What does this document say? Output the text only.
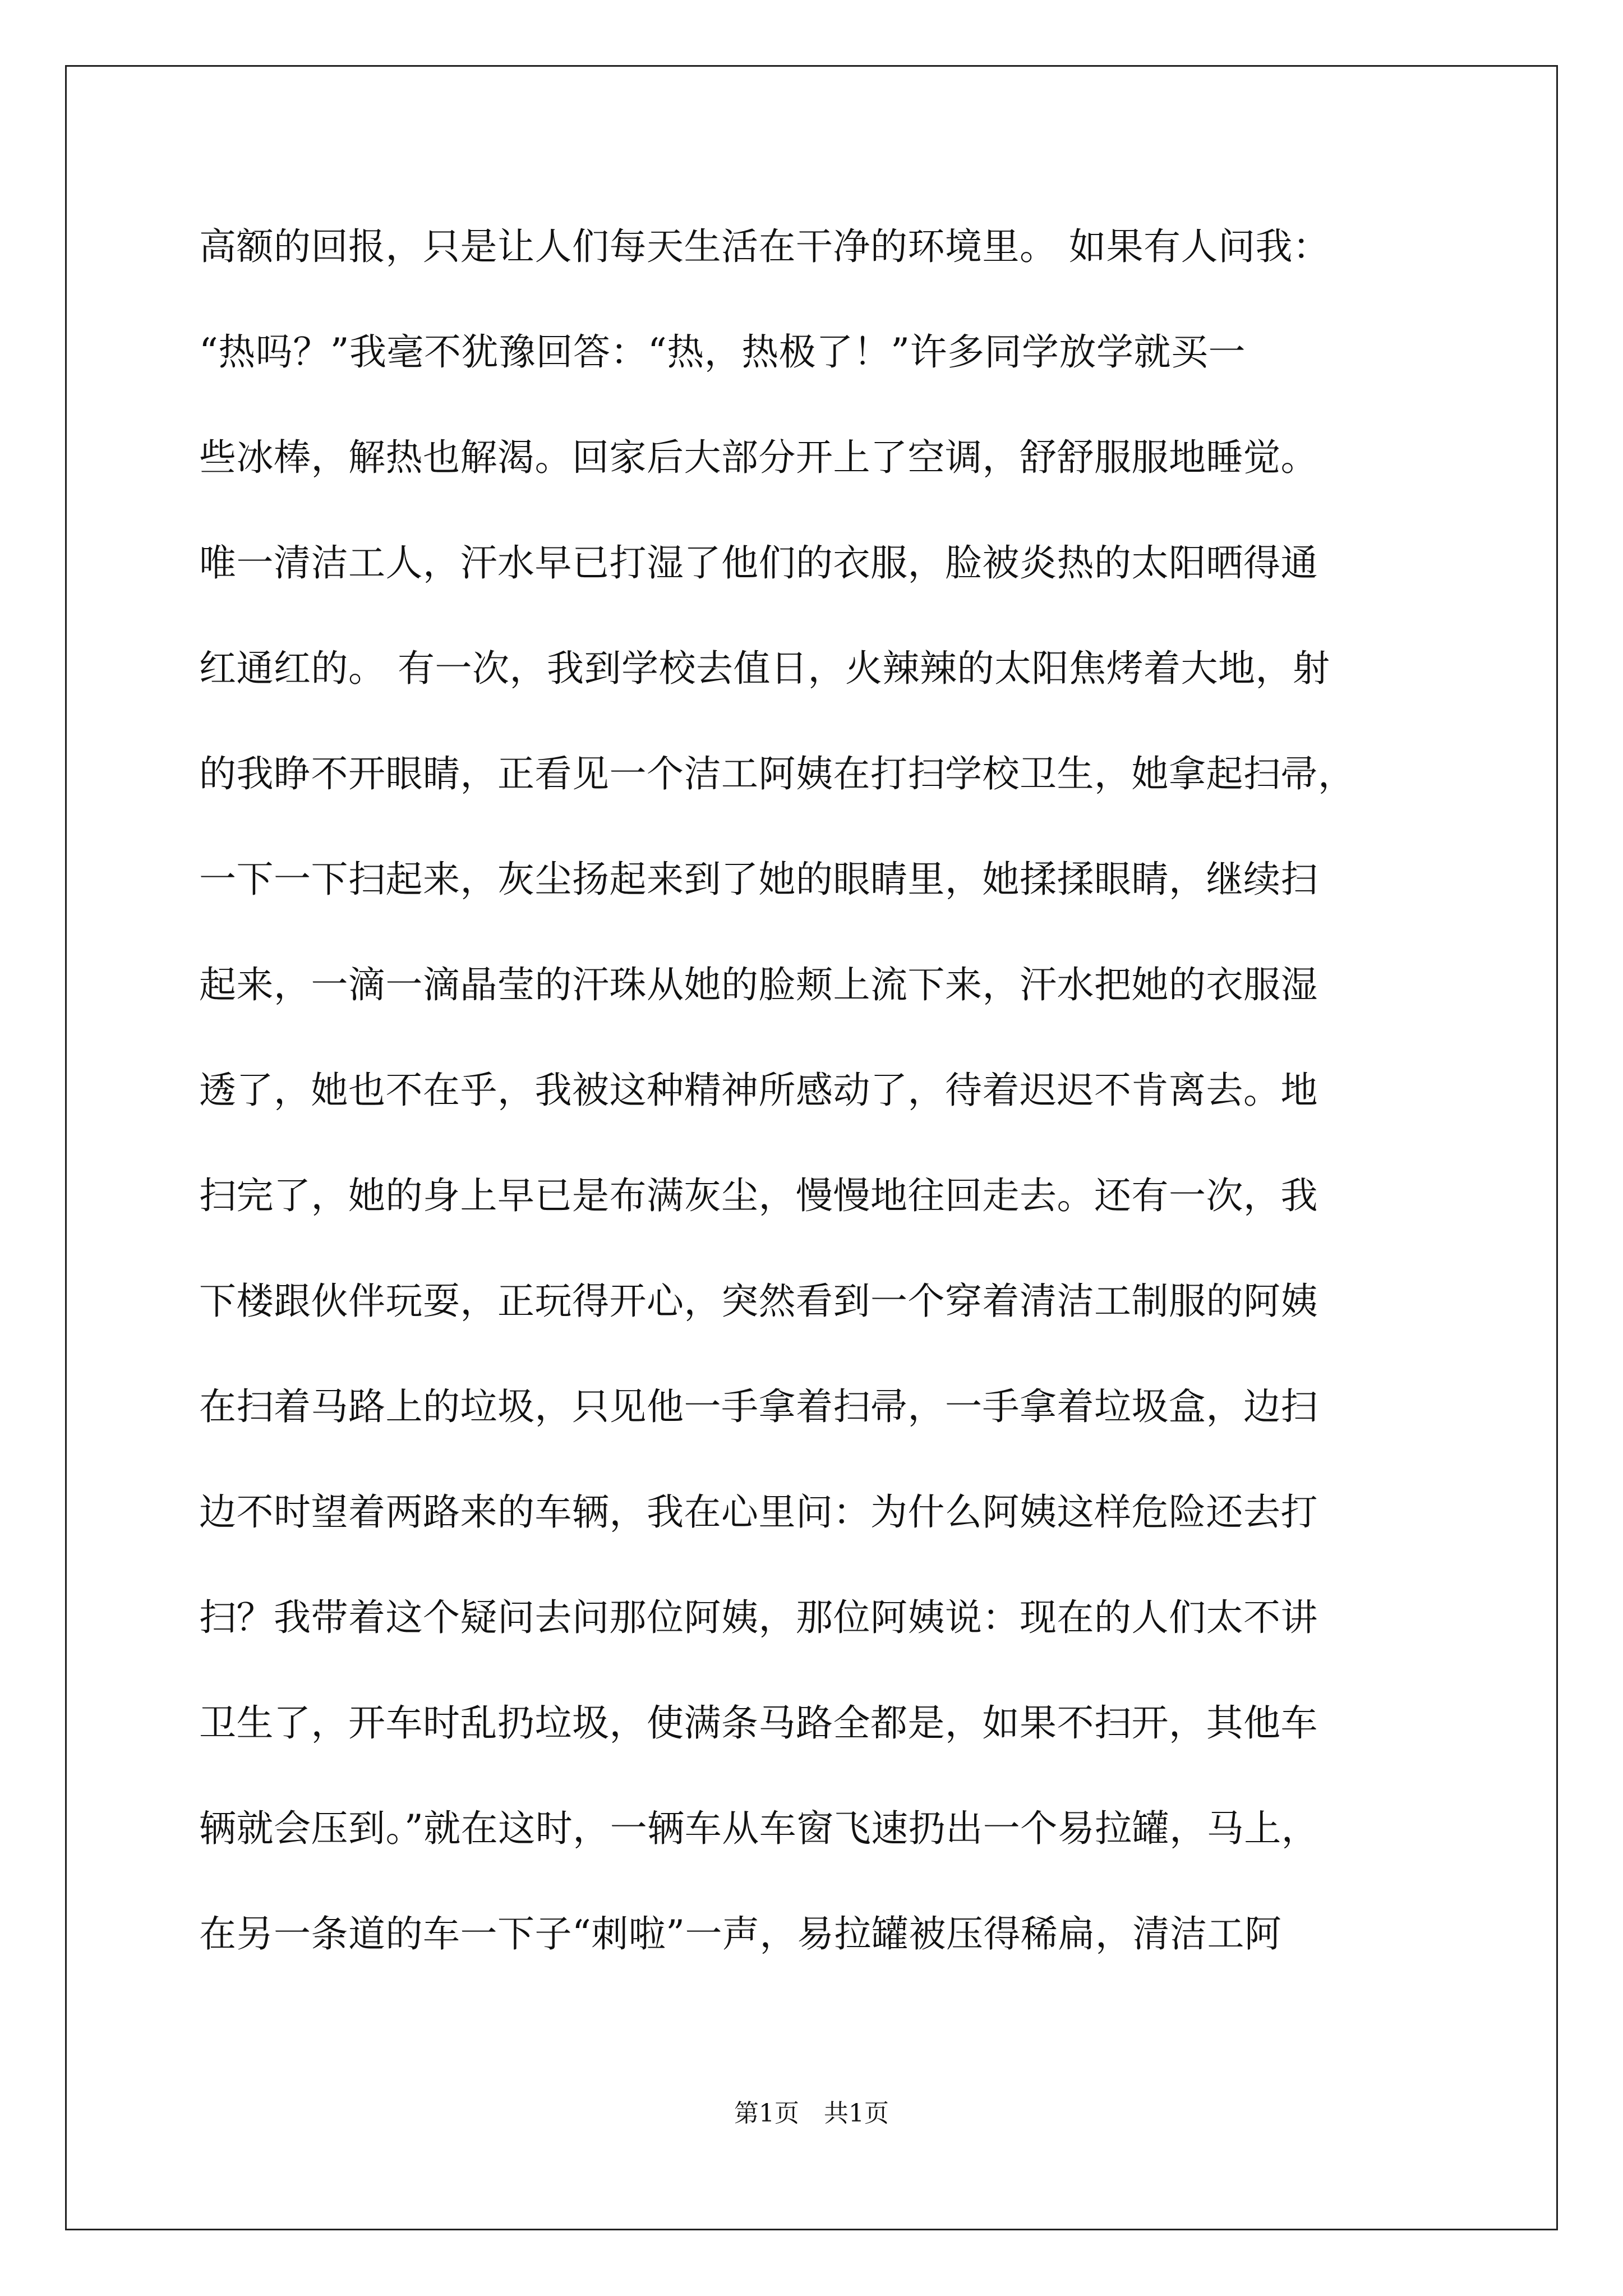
高额的回报，只是让人们每天生活在干净的环境里。 如果有人问我：
“热吗？”我毫不犹豫回答：“热，热极了！”许多同学放学就买一
些冰棒，解热也解渴。回家后大部分开上了空调，舒舒服服地睡觉。
唯一清洁工人，汗水早已打湿了他们的衣服，脸被炎热的太阳晒得通
红通红的。 有一次，我到学校去值日，火辣辣的太阳焦烤着大地，射
的我睁不开眼睛，正看见一个洁工阿姨在打扫学校卫生，她拿起扫帚，
一下一下扫起来，灰尘扬起来到了她的眼睛里，她揉揉眼睛，继续扫
起来，一滴一滴晶莹的汗珠从她的脸颊上流下来，汗水把她的衣服湿
透了，她也不在乎，我被这种精神所感动了，待着迟迟不肯离去。地
扫完了，她的身上早已是布满灰尘，慢慢地往回走去。还有一次，我
下楼跟伙伴玩耍，正玩得开心，突然看到一个穿着清洁工制服的阿姨
在扫着马路上的垃圾，只见他一手拿着扫帚，一手拿着垃圾盒，边扫
边不时望着两路来的车辆，我在心里问：为什么阿姨这样危险还去打
扫？我带着这个疑问去问那位阿姨，那位阿姨说：现在的人们太不讲
卫生了，开车时乱扔垃圾，使满条马路全都是，如果不扫开，其他车
辆就会压到。”就在这时，一辆车从车窗飞速扔出一个易拉罐，马上，
在另一条道的车一下子“刺啦”一声，易拉罐被压得稀扁，清洁工阿
第1页　共1页
